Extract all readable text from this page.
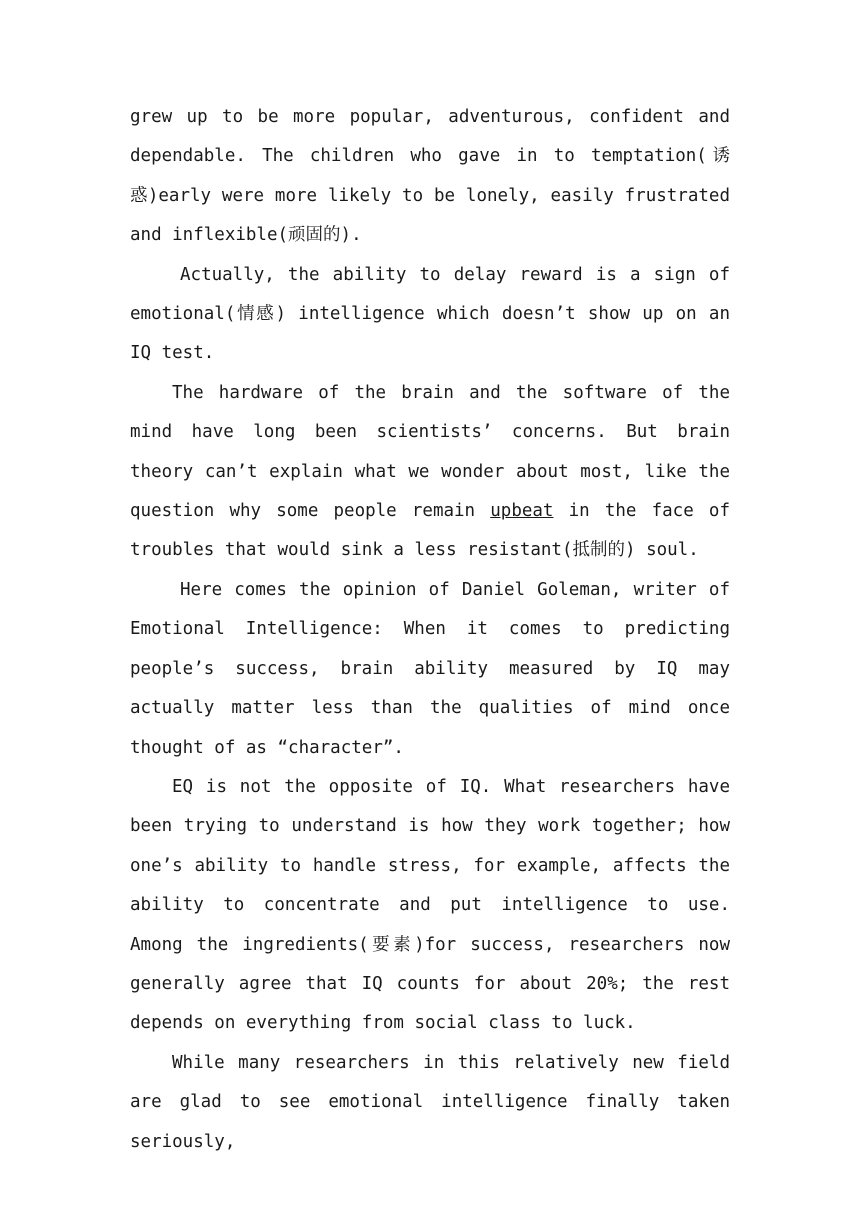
grew up to be more popular, adventurous, confident and dependable. The children who gave in to temptation(诱惑)early were more likely to be lonely, easily frustrated and inflexible(顽固的).

Actually, the ability to delay reward is a sign of emotional(情感) intelligence which doesn’t show up on an IQ test.

The hardware of the brain and the software of the mind have long been scientists’ concerns. But brain theory can’t explain what we wonder about most, like the question why some people remain upbeat in the face of troubles that would sink a less resistant(抵制的) soul.

Here comes the opinion of Daniel Goleman, writer of Emotional Intelligence: When it comes to predicting people’s success, brain ability measured by IQ may actually matter less than the qualities of mind once thought of as “character”.

EQ is not the opposite of IQ. What researchers have been trying to understand is how they work together; how one’s ability to handle stress, for example, affects the ability to concentrate and put intelligence to use. Among the ingredients(要素)for success, researchers now generally agree that IQ counts for about 20%; the rest depends on everything from social class to luck.

While many researchers in this relatively new field are glad to see emotional intelligence finally taken seriously,
